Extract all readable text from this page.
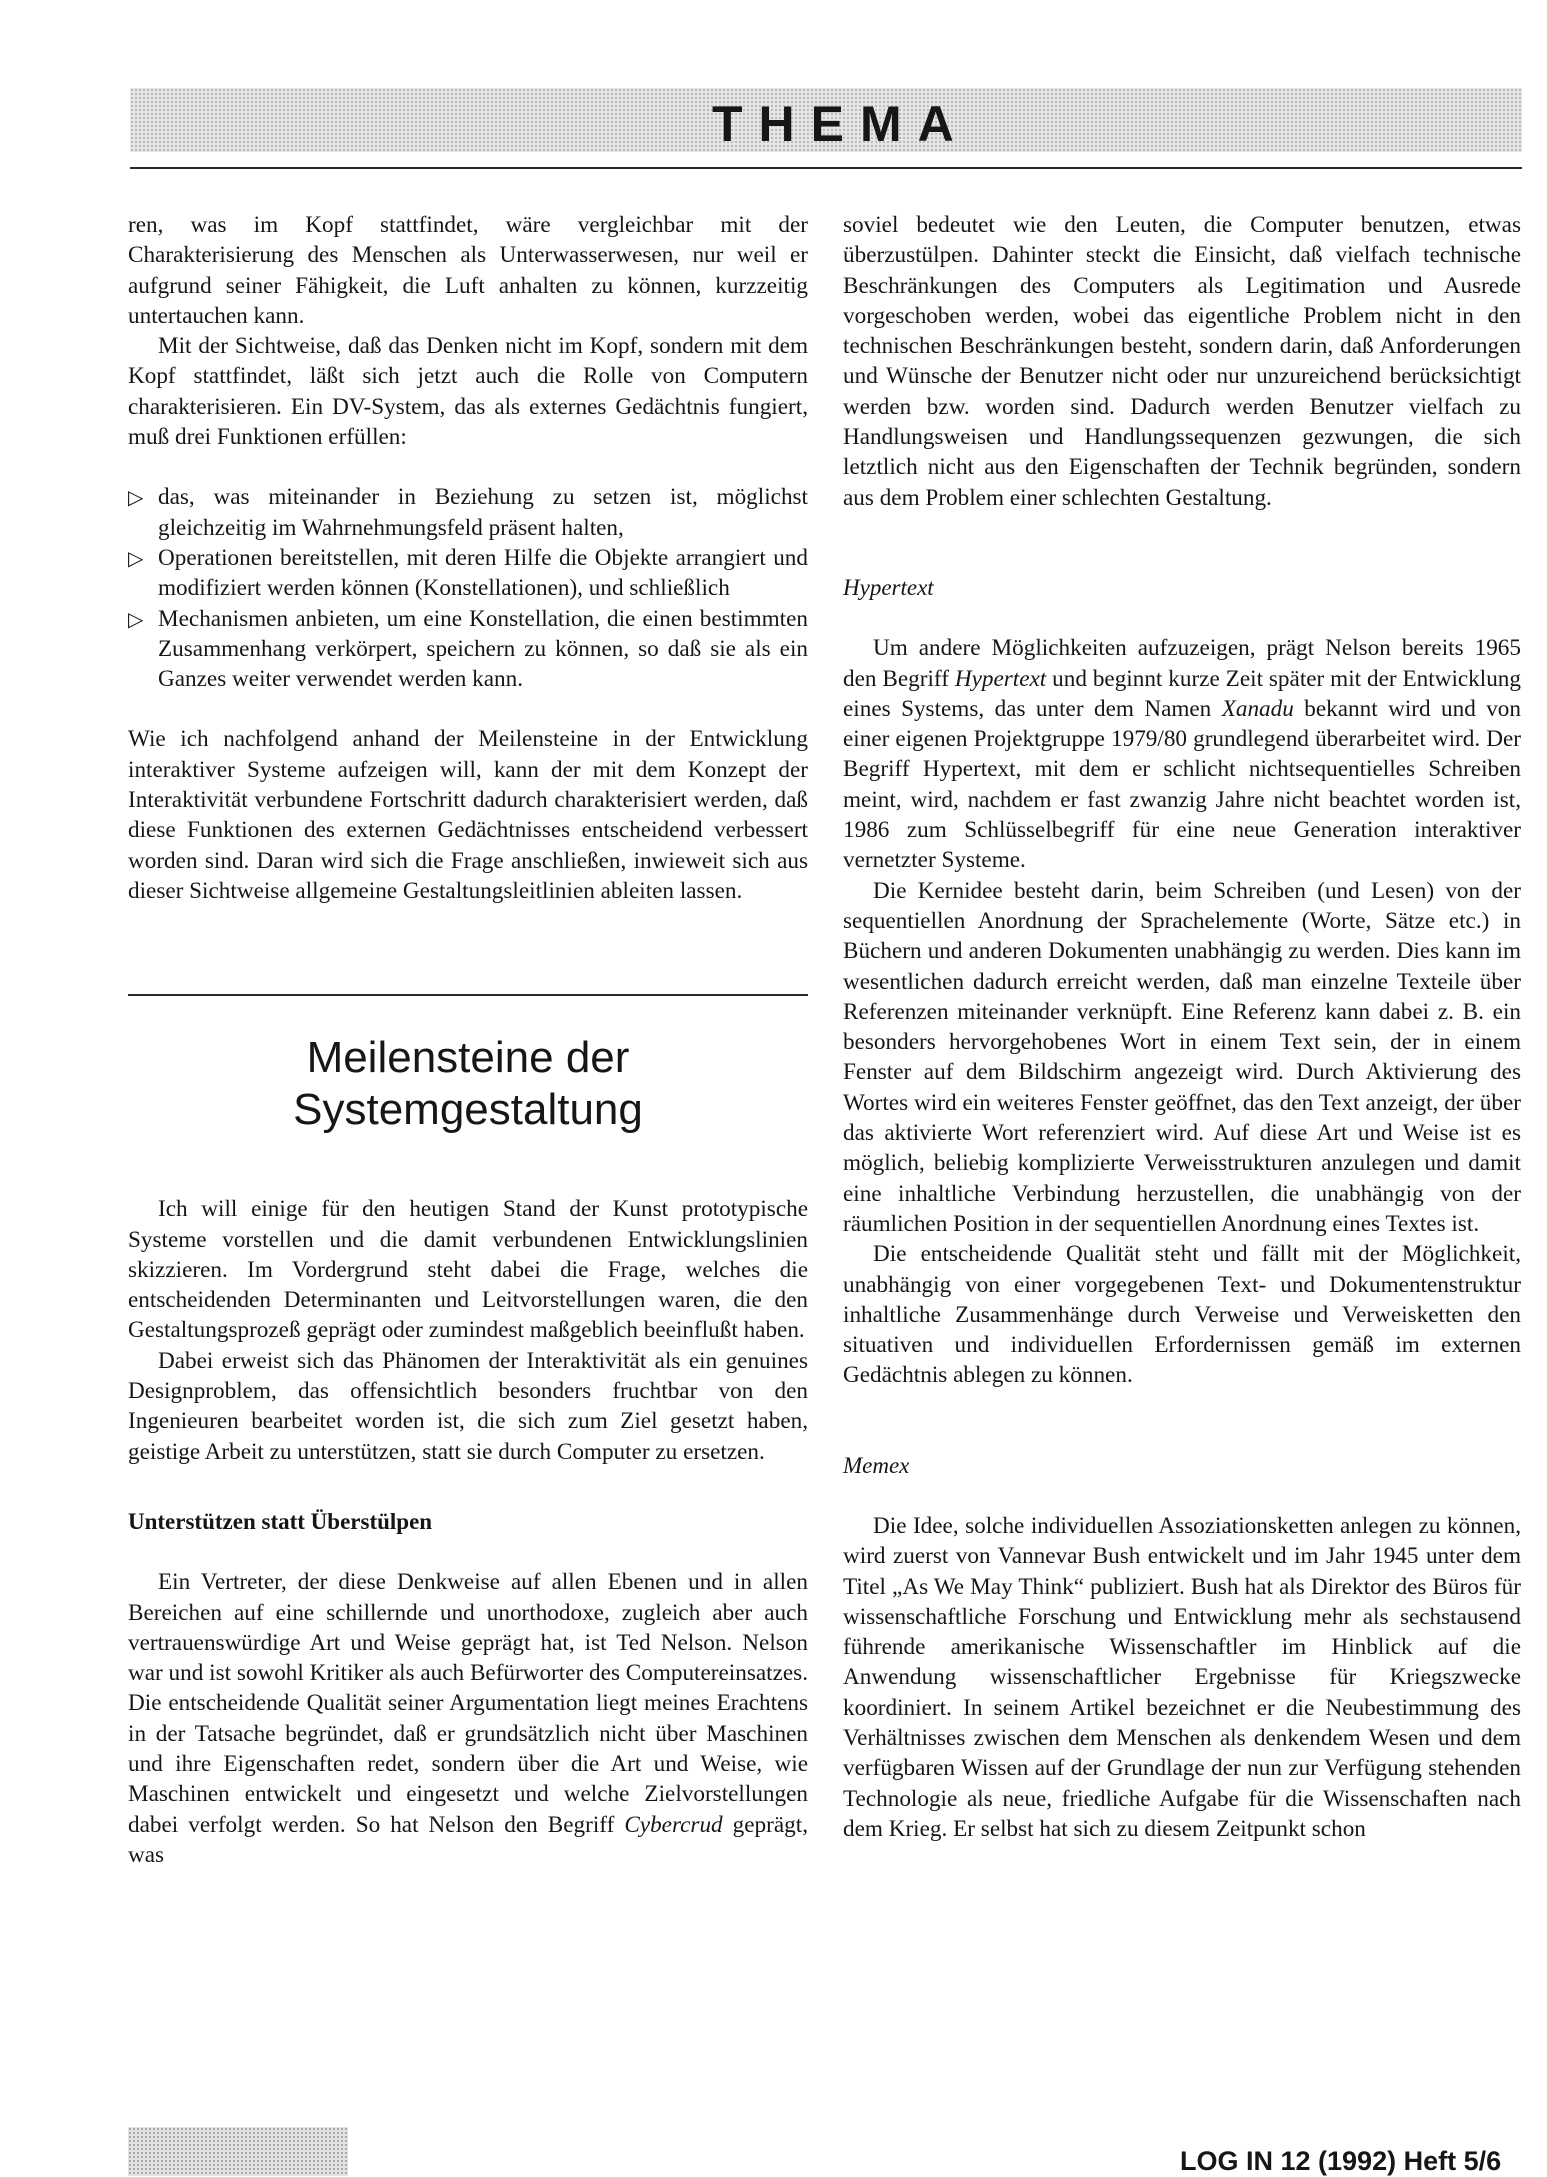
THEMA

ren, was im Kopf stattfindet, wäre vergleichbar mit der Charakterisierung des Menschen als Unterwasserwesen, nur weil er aufgrund seiner Fähigkeit, die Luft anhalten zu können, kurzzeitig untertauchen kann.

Mit der Sichtweise, daß das Denken nicht im Kopf, sondern mit dem Kopf stattfindet, läßt sich jetzt auch die Rolle von Computern charakterisieren. Ein DV-System, das als externes Gedächtnis fungiert, muß drei Funktionen erfüllen:

▷ das, was miteinander in Beziehung zu setzen ist, möglichst gleichzeitig im Wahrnehmungsfeld präsent halten,
▷ Operationen bereitstellen, mit deren Hilfe die Objekte arrangiert und modifiziert werden können (Konstellationen), und schließlich
▷ Mechanismen anbieten, um eine Konstellation, die einen bestimmten Zusammenhang verkörpert, speichern zu können, so daß sie als ein Ganzes weiter verwendet werden kann.

Wie ich nachfolgend anhand der Meilensteine in der Entwicklung interaktiver Systeme aufzeigen will, kann der mit dem Konzept der Interaktivität verbundene Fortschritt dadurch charakterisiert werden, daß diese Funktionen des externen Gedächtnisses entscheidend verbessert worden sind. Daran wird sich die Frage anschließen, inwieweit sich aus dieser Sichtweise allgemeine Gestaltungsleitlinien ableiten lassen.

Meilensteine der
Systemgestaltung

Ich will einige für den heutigen Stand der Kunst prototypische Systeme vorstellen und die damit verbundenen Entwicklungslinien skizzieren. Im Vordergrund steht dabei die Frage, welches die entscheidenden Determinanten und Leitvorstellungen waren, die den Gestaltungsprozeß geprägt oder zumindest maßgeblich beeinflußt haben.

Dabei erweist sich das Phänomen der Interaktivität als ein genuines Designproblem, das offensichtlich besonders fruchtbar von den Ingenieuren bearbeitet worden ist, die sich zum Ziel gesetzt haben, geistige Arbeit zu unterstützen, statt sie durch Computer zu ersetzen.

Unterstützen statt Überstülpen

Ein Vertreter, der diese Denkweise auf allen Ebenen und in allen Bereichen auf eine schillernde und unorthodoxe, zugleich aber auch vertrauenswürdige Art und Weise geprägt hat, ist Ted Nelson. Nelson war und ist sowohl Kritiker als auch Befürworter des Computereinsatzes. Die entscheidende Qualität seiner Argumentation liegt meines Erachtens in der Tatsache begründet, daß er grundsätzlich nicht über Maschinen und ihre Eigenschaften redet, sondern über die Art und Weise, wie Maschinen entwickelt und eingesetzt und welche Zielvorstellungen dabei verfolgt werden. So hat Nelson den Begriff Cybercrud geprägt, was

soviel bedeutet wie den Leuten, die Computer benutzen, etwas überzustülpen. Dahinter steckt die Einsicht, daß vielfach technische Beschränkungen des Computers als Legitimation und Ausrede vorgeschoben werden, wobei das eigentliche Problem nicht in den technischen Beschränkungen besteht, sondern darin, daß Anforderungen und Wünsche der Benutzer nicht oder nur unzureichend berücksichtigt werden bzw. worden sind. Dadurch werden Benutzer vielfach zu Handlungsweisen und Handlungssequenzen gezwungen, die sich letztlich nicht aus den Eigenschaften der Technik begründen, sondern aus dem Problem einer schlechten Gestaltung.

Hypertext

Um andere Möglichkeiten aufzuzeigen, prägt Nelson bereits 1965 den Begriff Hypertext und beginnt kurze Zeit später mit der Entwicklung eines Systems, das unter dem Namen Xanadu bekannt wird und von einer eigenen Projektgruppe 1979/80 grundlegend überarbeitet wird. Der Begriff Hypertext, mit dem er schlicht nichtsequentielles Schreiben meint, wird, nachdem er fast zwanzig Jahre nicht beachtet worden ist, 1986 zum Schlüsselbegriff für eine neue Generation interaktiver vernetzter Systeme.

Die Kernidee besteht darin, beim Schreiben (und Lesen) von der sequentiellen Anordnung der Sprachelemente (Worte, Sätze etc.) in Büchern und anderen Dokumenten unabhängig zu werden. Dies kann im wesentlichen dadurch erreicht werden, daß man einzelne Texteile über Referenzen miteinander verknüpft. Eine Referenz kann dabei z. B. ein besonders hervorgehobenes Wort in einem Text sein, der in einem Fenster auf dem Bildschirm angezeigt wird. Durch Aktivierung des Wortes wird ein weiteres Fenster geöffnet, das den Text anzeigt, der über das aktivierte Wort referenziert wird. Auf diese Art und Weise ist es möglich, beliebig komplizierte Verweisstrukturen anzulegen und damit eine inhaltliche Verbindung herzustellen, die unabhängig von der räumlichen Position in der sequentiellen Anordnung eines Textes ist.

Die entscheidende Qualität steht und fällt mit der Möglichkeit, unabhängig von einer vorgegebenen Text- und Dokumentenstruktur inhaltliche Zusammenhänge durch Verweise und Verweisketten den situativen und individuellen Erfordernissen gemäß im externen Gedächtnis ablegen zu können.

Memex

Die Idee, solche individuellen Assoziationsketten anlegen zu können, wird zuerst von Vannevar Bush entwickelt und im Jahr 1945 unter dem Titel „As We May Think“ publiziert. Bush hat als Direktor des Büros für wissenschaftliche Forschung und Entwicklung mehr als sechstausend führende amerikanische Wissenschaftler im Hinblick auf die Anwendung wissenschaftlicher Ergebnisse für Kriegszwecke koordiniert. In seinem Artikel bezeichnet er die Neubestimmung des Verhältnisses zwischen dem Menschen als denkendem Wesen und dem verfügbaren Wissen auf der Grundlage der nun zur Verfügung stehenden Technologie als neue, friedliche Aufgabe für die Wissenschaften nach dem Krieg. Er selbst hat sich zu diesem Zeitpunkt schon

LOG IN 12 (1992) Heft 5/6
